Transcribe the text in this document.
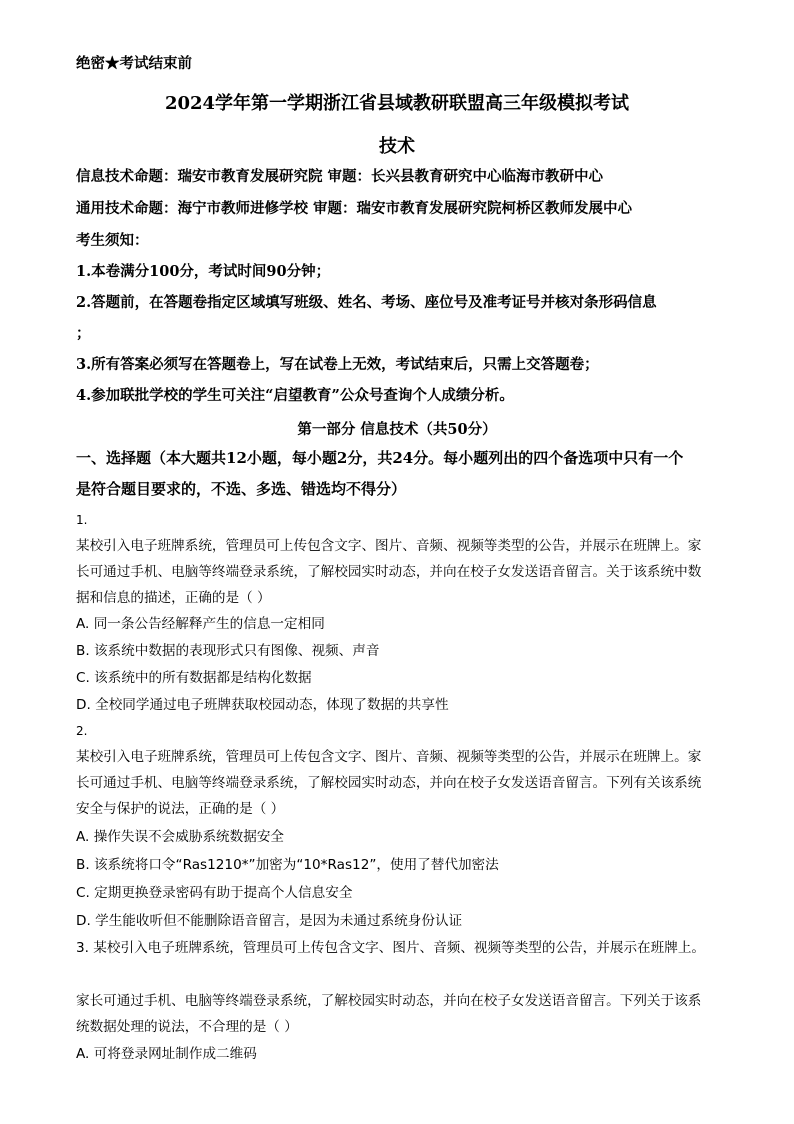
绝密★考试结束前
2024学年第一学期浙江省县域教研联盟高三年级模拟考试
技术
信息技术命题：瑞安市教育发展研究院 审题：长兴县教育研究中心临海市教研中心
通用技术命题：海宁市教师进修学校 审题：瑞安市教育发展研究院柯桥区教师发展中心
考生须知：
1.本卷满分100分，考试时间90分钟；
2.答题前，在答题卷指定区域填写班级、姓名、考场、座位号及准考证号并核对条形码信息
；
3.所有答案必须写在答题卷上，写在试卷上无效，考试结束后，只需上交答题卷；
4.参加联批学校的学生可关注“启望教育”公众号查询个人成绩分析。
第一部分 信息技术（共50分）
一、选择题（本大题共12小题，每小题2分，共24分。每小题列出的四个备选项中只有一个
是符合题目要求的，不选、多选、错选均不得分）
1.
某校引入电子班牌系统，管理员可上传包含文字、图片、音频、视频等类型的公告，并展示在班牌上。家
长可通过手机、电脑等终端登录系统，了解校园实时动态，并向在校子女发送语音留言。关于该系统中数
据和信息的描述，正确的是（ ）
A. 同一条公告经解释产生的信息一定相同
B. 该系统中数据的表现形式只有图像、视频、声音
C. 该系统中的所有数据都是结构化数据
D. 全校同学通过电子班牌获取校园动态，体现了数据的共享性
2.
某校引入电子班牌系统，管理员可上传包含文字、图片、音频、视频等类型的公告，并展示在班牌上。家
长可通过手机、电脑等终端登录系统，了解校园实时动态，并向在校子女发送语音留言。下列有关该系统
安全与保护的说法，正确的是（ ）
A. 操作失误不会威胁系统数据安全
B. 该系统将口令“Ras1210*”加密为“10*Ras12”，使用了替代加密法
C. 定期更换登录密码有助于提高个人信息安全
D. 学生能收听但不能删除语音留言，是因为未通过系统身份认证
3. 某校引入电子班牌系统，管理员可上传包含文字、图片、音频、视频等类型的公告，并展示在班牌上。
家长可通过手机、电脑等终端登录系统，了解校园实时动态，并向在校子女发送语音留言。下列关于该系
统数据处理的说法，不合理的是（ ）
A. 可将登录网址制作成二维码
